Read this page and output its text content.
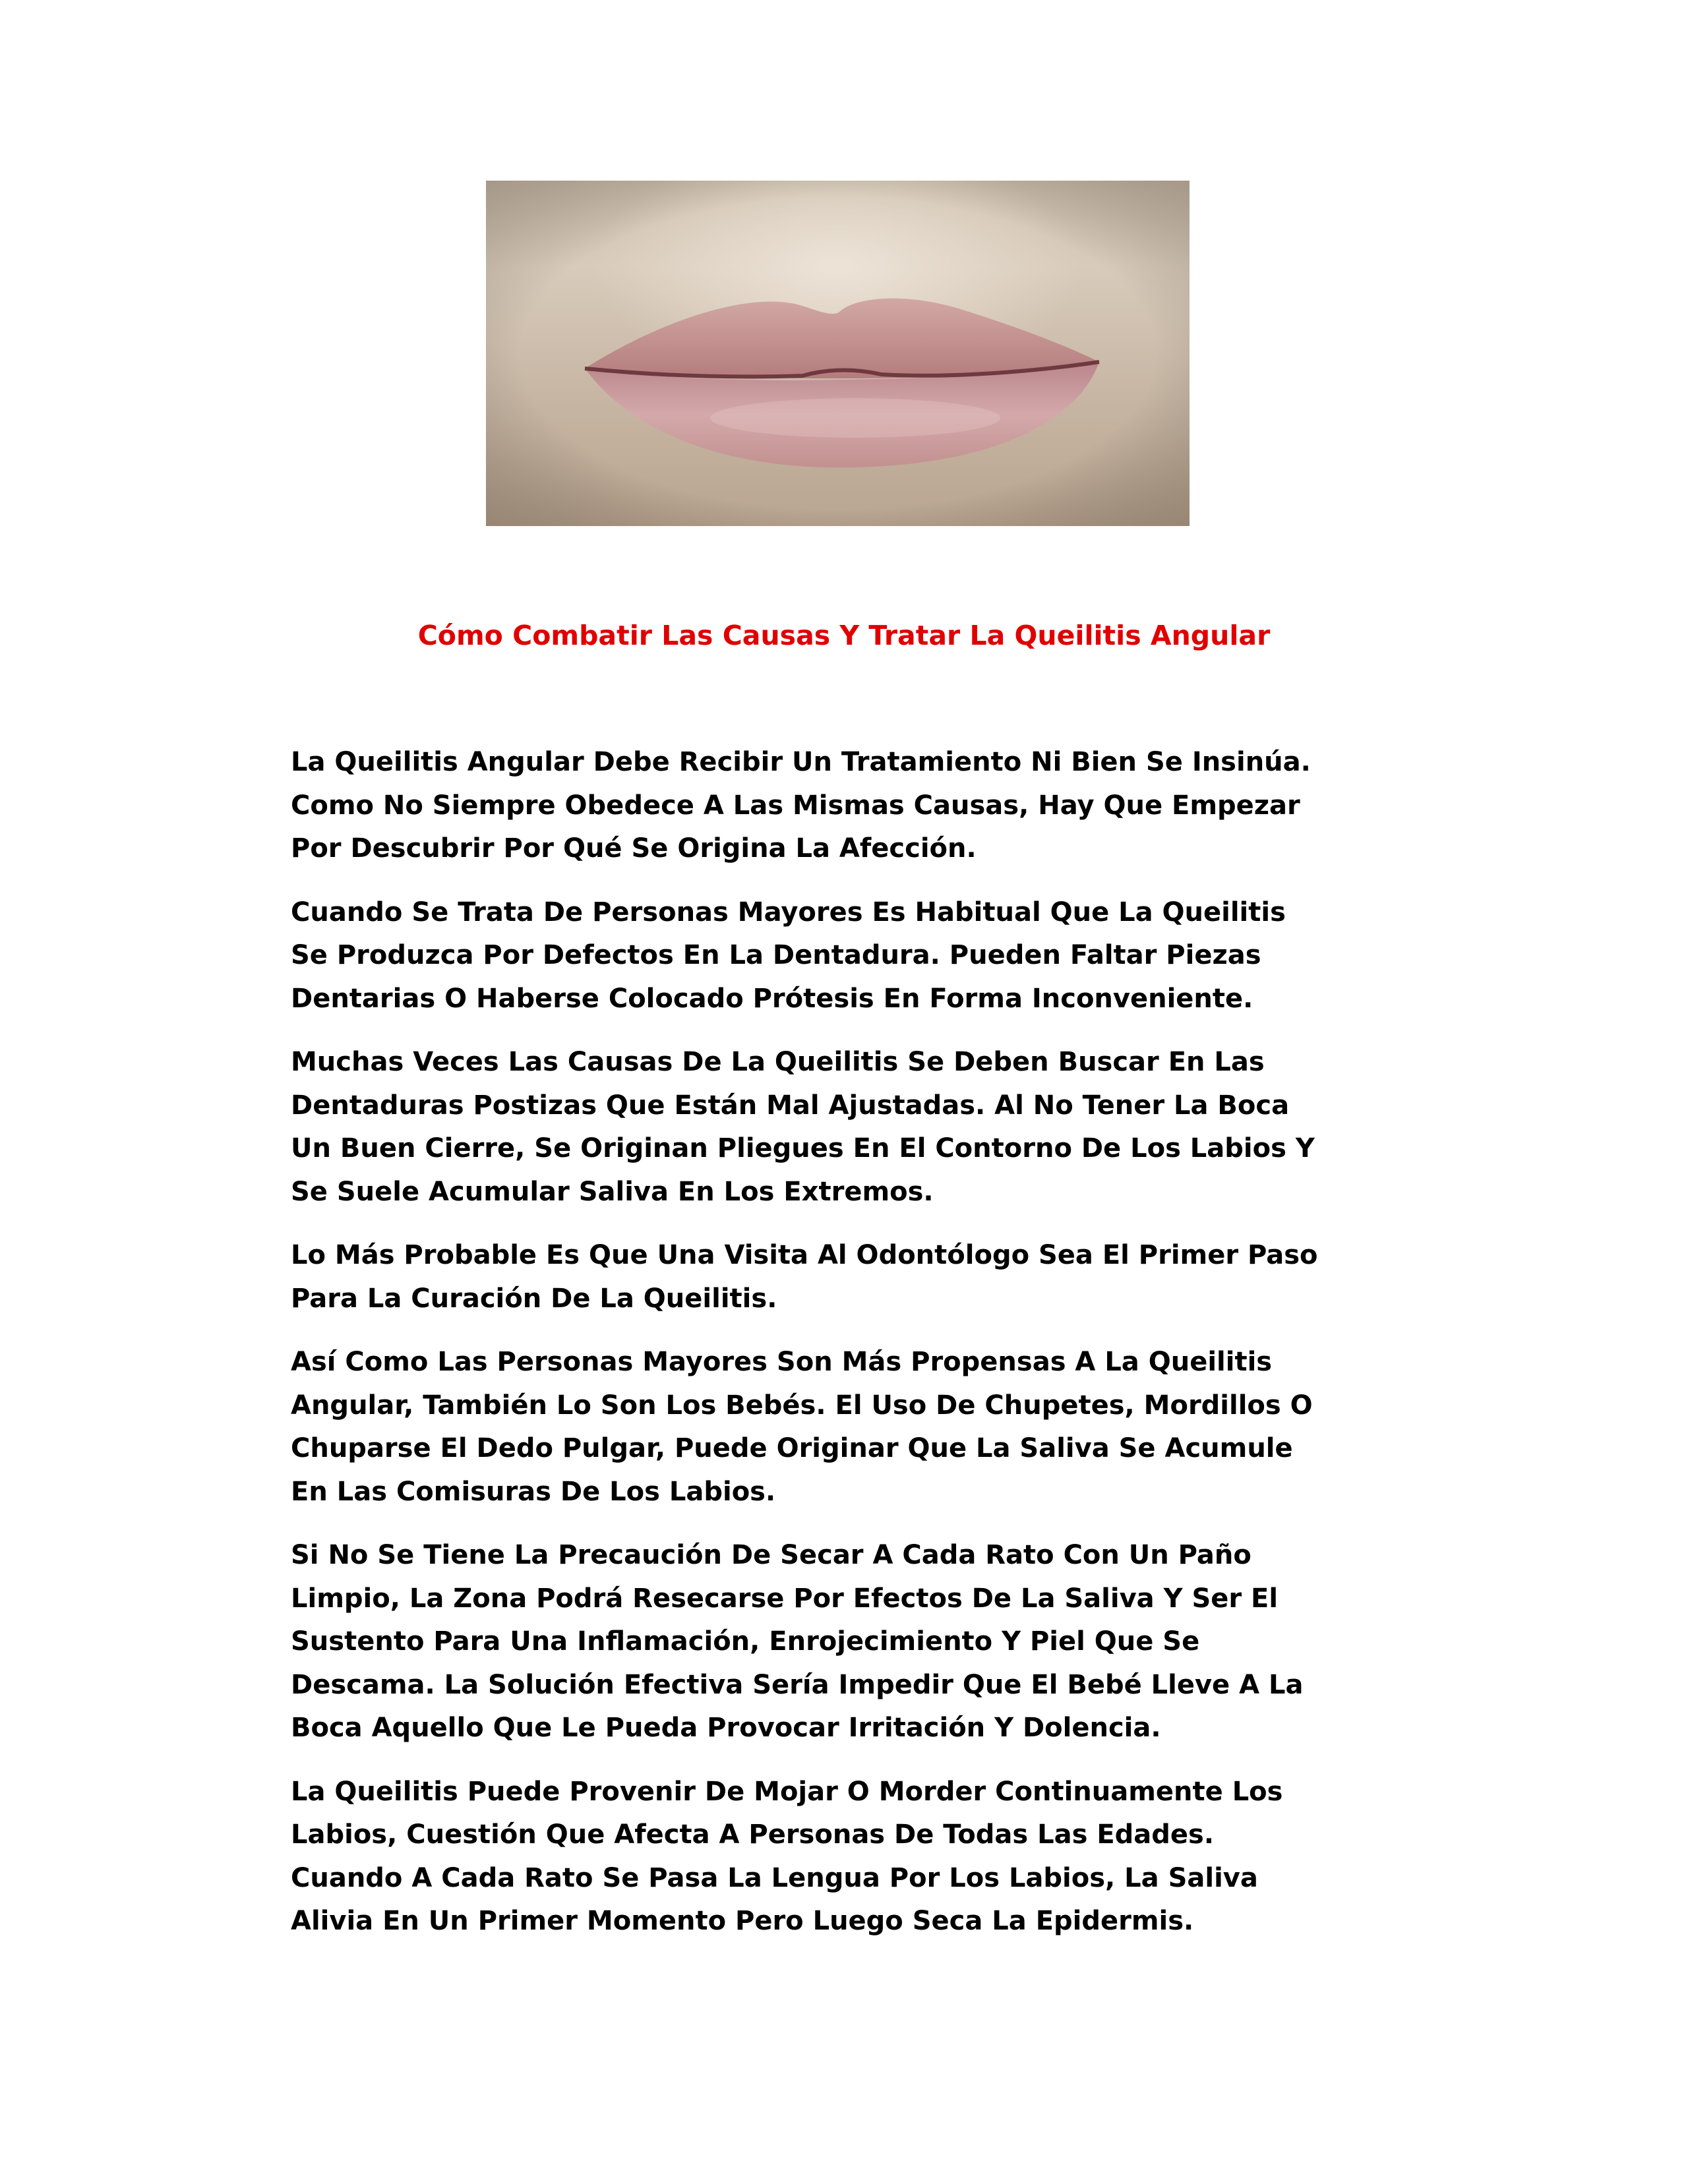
Cómo Combatir Las Causas Y Tratar La Queilitis Angular

La Queilitis Angular Debe Recibir Un Tratamiento Ni Bien Se Insinúa.
Como No Siempre Obedece A Las Mismas Causas, Hay Que Empezar
Por Descubrir Por Qué Se Origina La Afección.

Cuando Se Trata De Personas Mayores Es Habitual Que La Queilitis
Se Produzca Por Defectos En La Dentadura. Pueden Faltar Piezas
Dentarias O Haberse Colocado Prótesis En Forma Inconveniente.

Muchas Veces Las Causas De La Queilitis Se Deben Buscar En Las
Dentaduras Postizas Que Están Mal Ajustadas. Al No Tener La Boca
Un Buen Cierre, Se Originan Pliegues En El Contorno De Los Labios Y
Se Suele Acumular Saliva En Los Extremos.

Lo Más Probable Es Que Una Visita Al Odontólogo Sea El Primer Paso
Para La Curación De La Queilitis.

Así Como Las Personas Mayores Son Más Propensas A La Queilitis
Angular, También Lo Son Los Bebés. El Uso De Chupetes, Mordillos O
Chuparse El Dedo Pulgar, Puede Originar Que La Saliva Se Acumule
En Las Comisuras De Los Labios.

Si No Se Tiene La Precaución De Secar A Cada Rato Con Un Paño
Limpio, La Zona Podrá Resecarse Por Efectos De La Saliva Y Ser El
Sustento Para Una Inflamación, Enrojecimiento Y Piel Que Se
Descama. La Solución Efectiva Sería Impedir Que El Bebé Lleve A La
Boca Aquello Que Le Pueda Provocar Irritación Y Dolencia.

La Queilitis Puede Provenir De Mojar O Morder Continuamente Los
Labios, Cuestión Que Afecta A Personas De Todas Las Edades.
Cuando A Cada Rato Se Pasa La Lengua Por Los Labios, La Saliva
Alivia En Un Primer Momento Pero Luego Seca La Epidermis.
